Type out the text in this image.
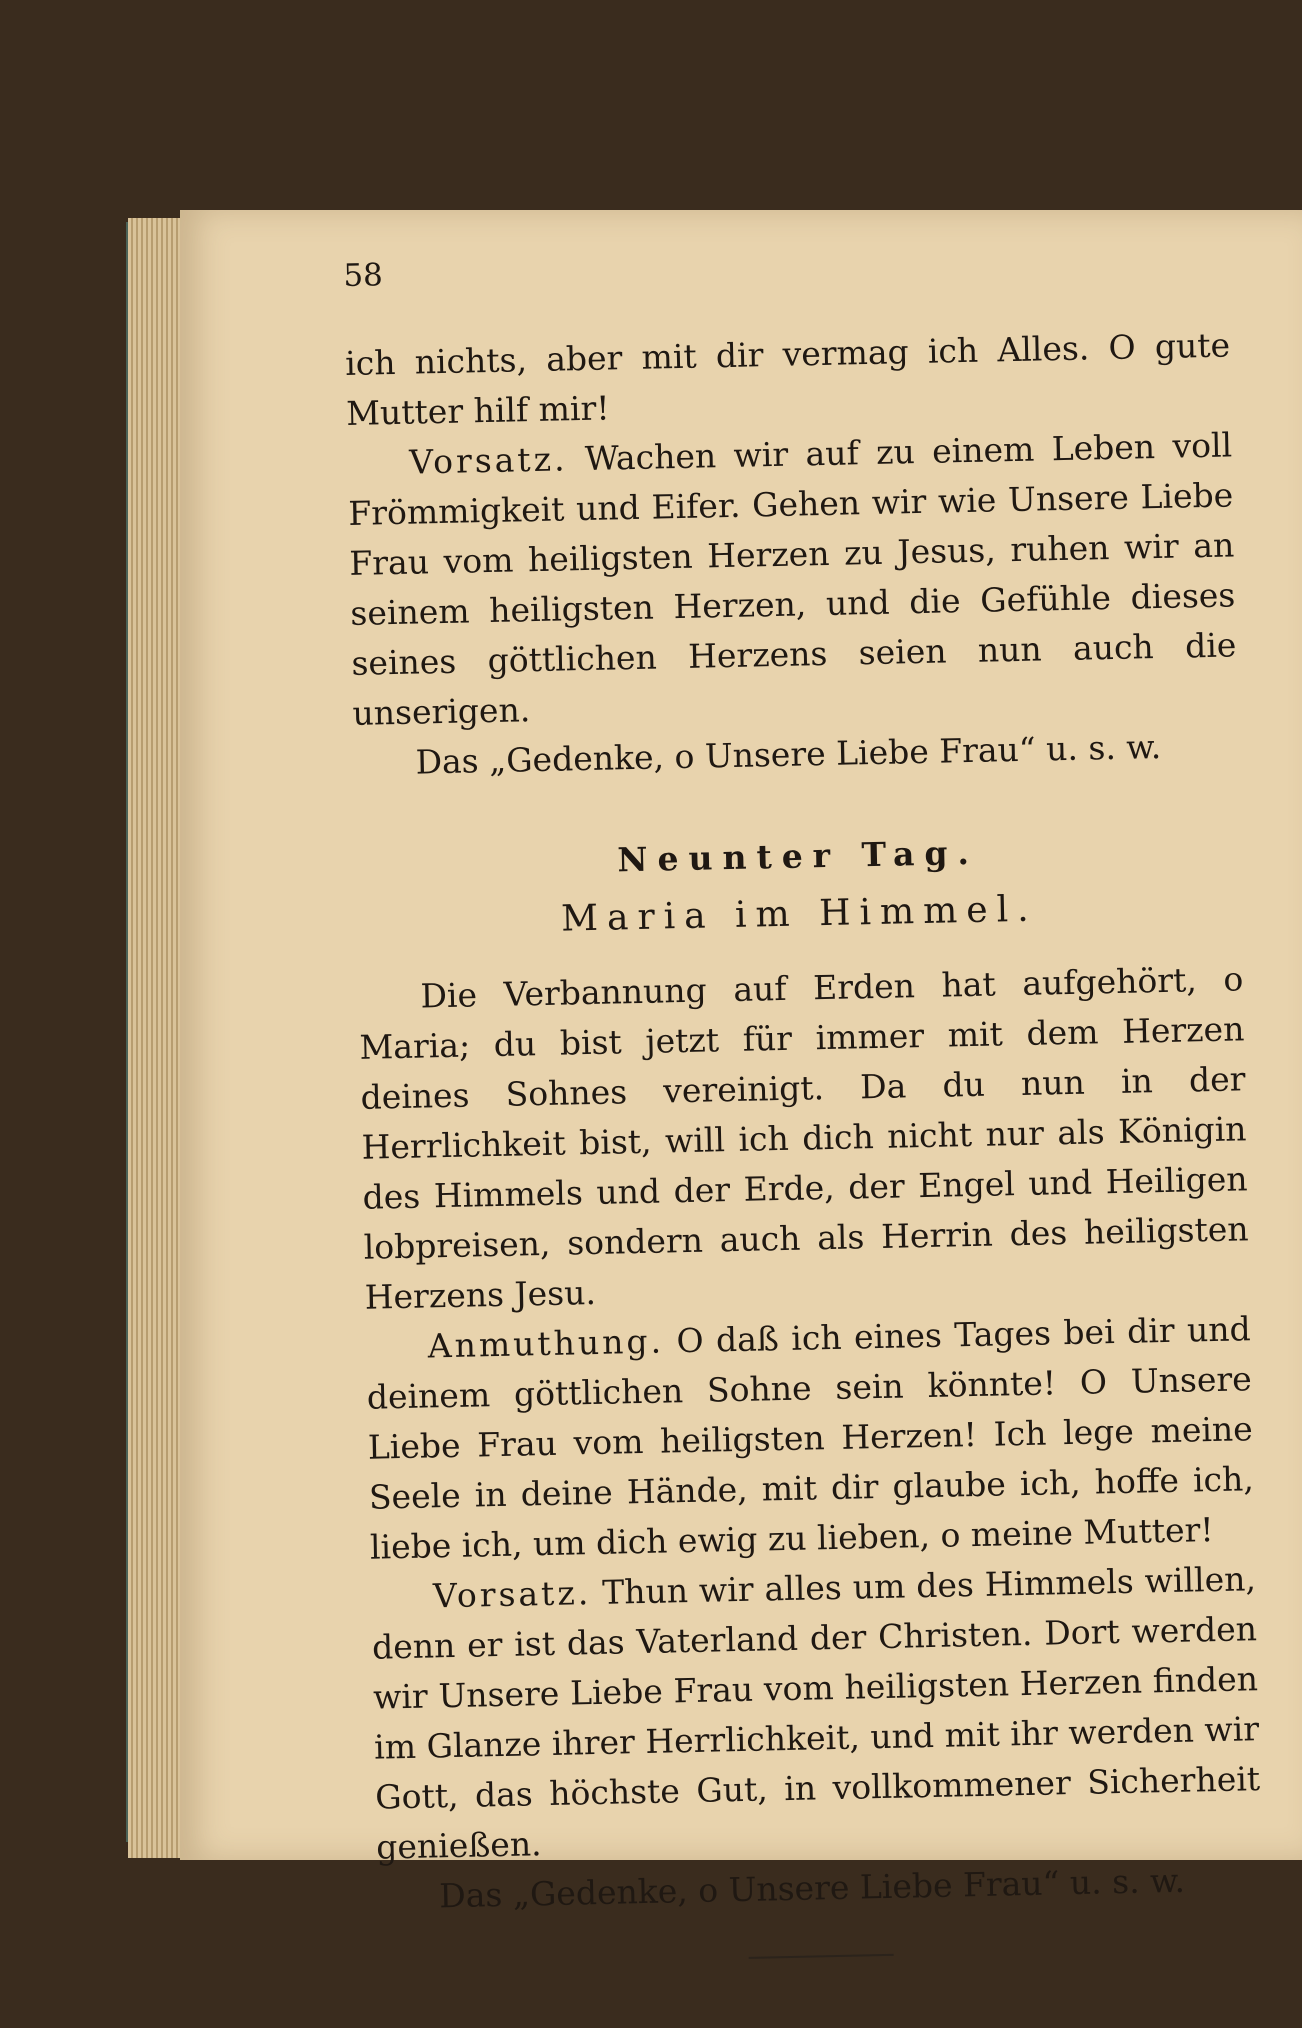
58

ich nichts, aber mit dir vermag ich Alles. O gute Mutter hilf mir!

Vorsatz. Wachen wir auf zu einem Leben voll Frömmigkeit und Eifer. Gehen wir wie Unsere Liebe Frau vom heiligsten Herzen zu Jesus, ruhen wir an seinem heiligsten Herzen, und die Gefühle dieses seines göttlichen Herzens seien nun auch die unserigen.

Das „Gedenke, o Unsere Liebe Frau“ u. s. w.

Neunter Tag.
Maria im Himmel.

Die Verbannung auf Erden hat aufgehört, o Maria; du bist jetzt für immer mit dem Herzen deines Sohnes vereinigt. Da du nun in der Herrlichkeit bist, will ich dich nicht nur als Königin des Himmels und der Erde, der Engel und Heiligen lobpreisen, sondern auch als Herrin des heiligsten Herzens Jesu.

Anmuthung. O daß ich eines Tages bei dir und deinem göttlichen Sohne sein könnte! O Unsere Liebe Frau vom heiligsten Herzen! Ich lege meine Seele in deine Hände, mit dir glaube ich, hoffe ich, liebe ich, um dich ewig zu lieben, o meine Mutter!

Vorsatz. Thun wir alles um des Himmels willen, denn er ist das Vaterland der Christen. Dort werden wir Unsere Liebe Frau vom heiligsten Herzen finden im Glanze ihrer Herrlichkeit, und mit ihr werden wir Gott, das höchste Gut, in vollkommener Sicherheit genießen.

Das „Gedenke, o Unsere Liebe Frau“ u. s. w.
